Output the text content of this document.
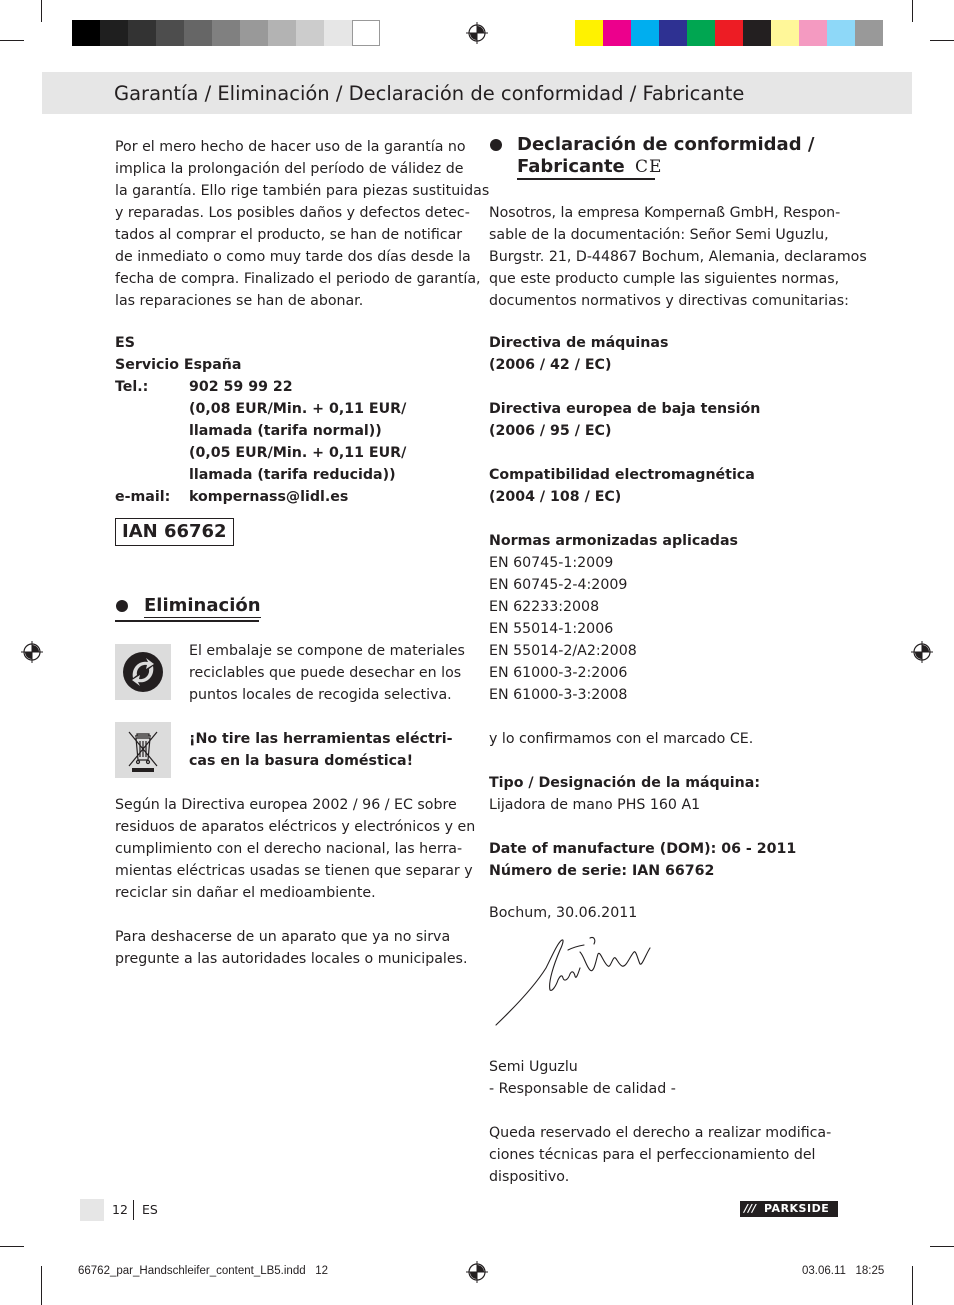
Garantía / Eliminación / Declaración de conformidad / Fabricante

Por el mero hecho de hacer uso de la garantía no

implica la prolongación del período de válidez de

la garantía. Ello rige también para piezas sustituidas

y reparadas. Los posibles daños y defectos detec-

tados al comprar el producto, se han de notificar

de inmediato o como muy tarde dos días desde la

fecha de compra. Finalizado el periodo de garantía,

las reparaciones se han de abonar.

ES
Servicio España
Tel.:	902 59 99 22

(0,08 EUR/Min. + 0,11 EUR/

llamada (tarifa normal))

(0,05 EUR/Min. + 0,11 EUR/

llamada (tarifa reducida))

e-mail: kompernass@lidl.es
IAN 66762
Eliminación

El embalaje se compone de materiales

reciclables que puede desechar en los

puntos locales de recogida selectiva.

¡No tire las herramientas eléctri-

cas en la basura doméstica!

Según la Directiva europea 2002 / 96 / EC sobre

residuos de aparatos eléctricos y electrónicos y en

cumplimiento con el derecho nacional, las herra-

mientas eléctricas usadas se tienen que separar y

reciclar sin dañar el medioambiente.

Para deshacerse de un aparato que ya no sirva

pregunte a las autoridades locales o municipales.

Declaración de conformidad /
Fabricante CE

Nosotros, la empresa Kompernaß GmbH, Respon-

sable de la documentación: Señor Semi Uguzlu,

Burgstr. 21, D-44867 Bochum, Alemania, declaramos

que este producto cumple las siguientes normas,

documentos normativos y directivas comunitarias:

Directiva de máquinas

(2006 / 42 / EC)

Directiva europea de baja tensión

(2006 / 95 / EC)

Compatibilidad electromagnética

(2004 / 108 / EC)

Normas armonizadas aplicadas

EN 60745-1:2009

EN 60745-2-4:2009

EN 62233:2008

EN 55014-1:2006

EN 55014-2/A2:2008

EN 61000-3-2:2006

EN 61000-3-3:2008

y lo confirmamos con el marcado CE.
Tipo / Designación de la máquina:
Lijadora de mano PHS 160 A1
Date of manufacture (DOM): 06 - 2011
Número de serie: IAN 66762
Bochum, 30.06.2011
Semi Uguzlu
- Responsable de calidad -

Queda reservado el derecho a realizar modifica-

ciones técnicas para el perfeccionamiento del

dispositivo.

12 ES	/// PARKSIDE
66762_par_Handschleifer_content_LB5.indd 12	03.06.11 18:25
